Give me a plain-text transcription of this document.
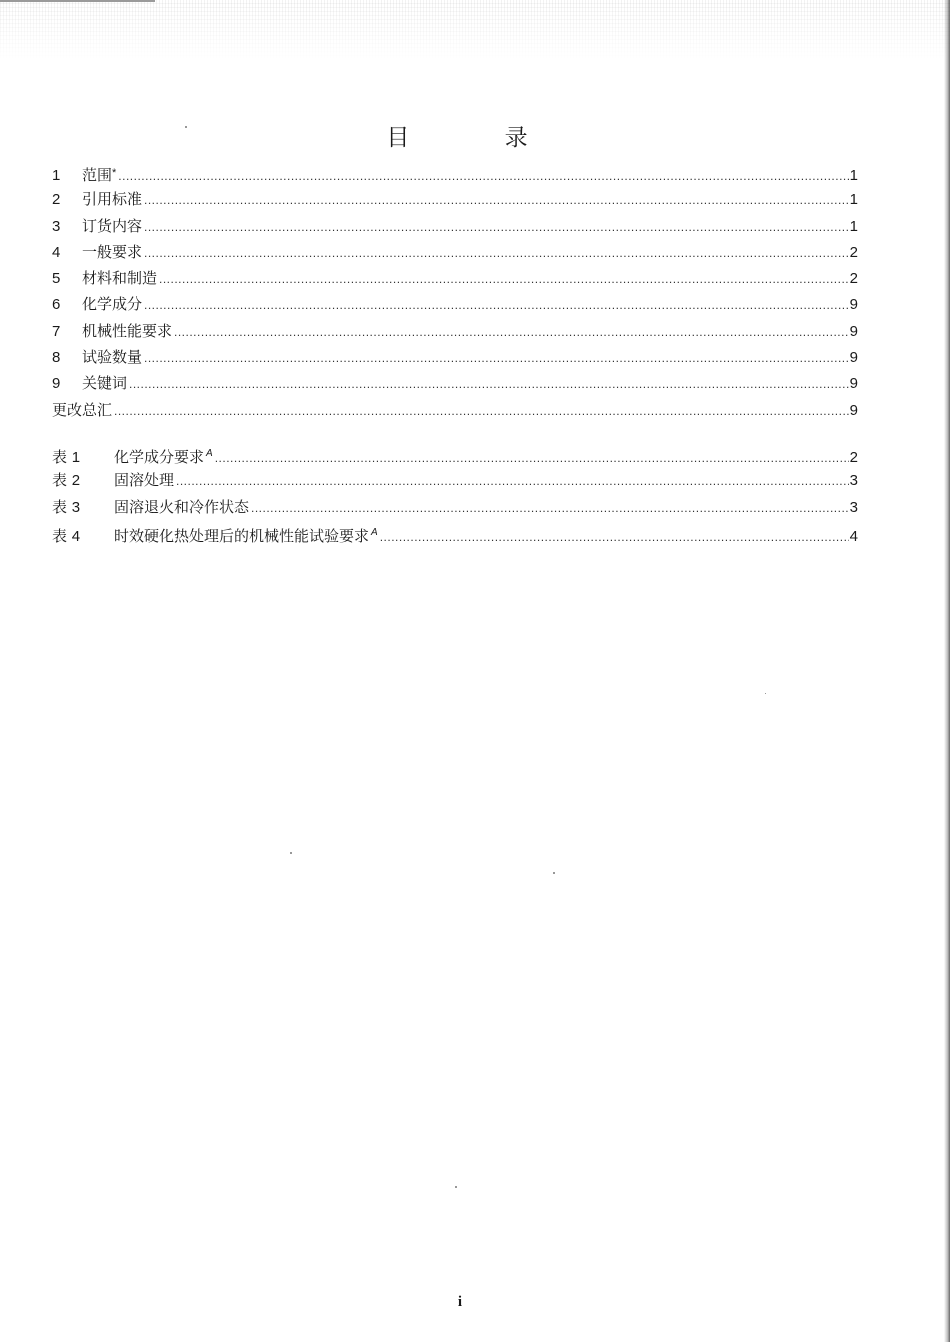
目 录
1	范围* .....	1
2	引用标准 .....	1
3	订货内容 .....	1
4	一般要求 .....	2
5	材料和制造 .....	2
6	化学成分 .....	9
7	机械性能要求 .....	9
8	试验数量 .....	9
9	关键词 .....	9
更改总汇 .....	9
表 1	化学成分要求 $^A$ .....	2
表 2	固溶处理 .....	3
表 3	固溶退火和冷作状态 .....	3
表 4	时效硬化热处理后的机械性能试验要求 $^A$ .....	4
i
